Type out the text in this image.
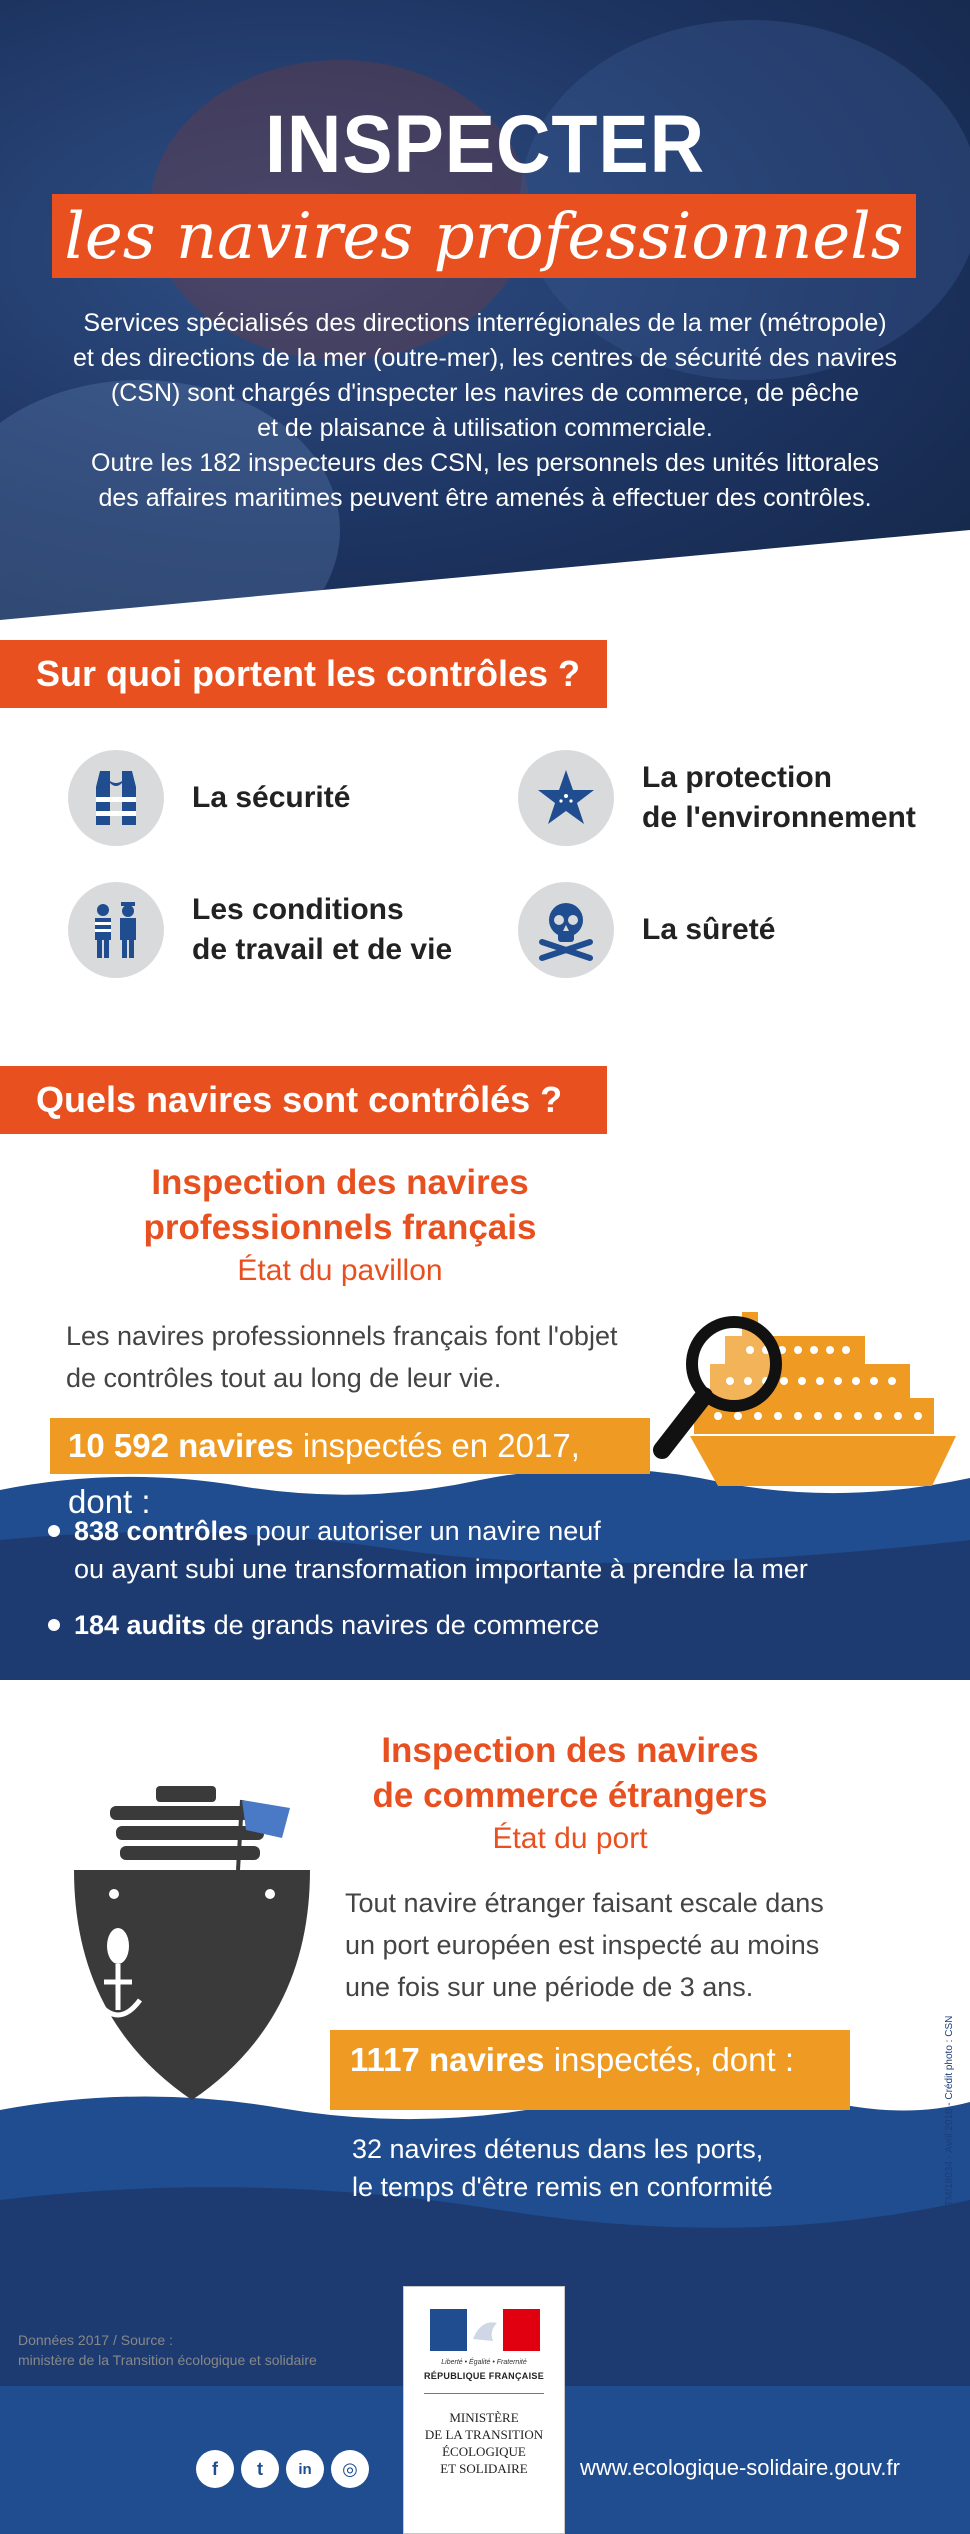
INSPECTER
les navires professionnels
Services spécialisés des directions interrégionales de la mer (métropole)
et des directions de la mer (outre-mer), les centres de sécurité des navires
(CSN) sont chargés d'inspecter les navires de commerce, de pêche
et de plaisance à utilisation commerciale.
Outre les 182 inspecteurs des CSN, les personnels des unités littorales
des affaires maritimes peuvent être amenés à effectuer des contrôles.
Sur quoi portent les contrôles ?
La sécurité
La protection
de l'environnement
Les conditions
de travail et de vie
La sûreté
Quels navires sont contrôlés ?
Inspection des navires
professionnels français
État du pavillon
Les navires professionnels français font l'objet
de contrôles tout au long de leur vie.
10 592 navires inspectés en 2017, dont :
838 contrôles pour autoriser un navire neuf
ou ayant subi une transformation importante à prendre la mer
184 audits de grands navires de commerce
Inspection des navires
de commerce étrangers
État du port
Tout navire étranger faisant escale dans
un port européen est inspecté au moins
une fois sur une période de 3 ans.
1117 navires inspectés, dont :
32 navires détenus dans les ports,
le temps d'être remis en conformité	DICOM/DGITM/18034 - Avril 2018 - Crédit photo : CSN
Données 2017 / Source :
ministère de la Transition écologique et solidaire	Liberté • Égalité • Fraternité
RÉPUBLIQUE FRANÇAISE
MINISTÈRE
DE LA TRANSITION
ÉCOLOGIQUE
ET SOLIDAIRE
f	t	in	◎	www.ecologique-solidaire.gouv.fr
